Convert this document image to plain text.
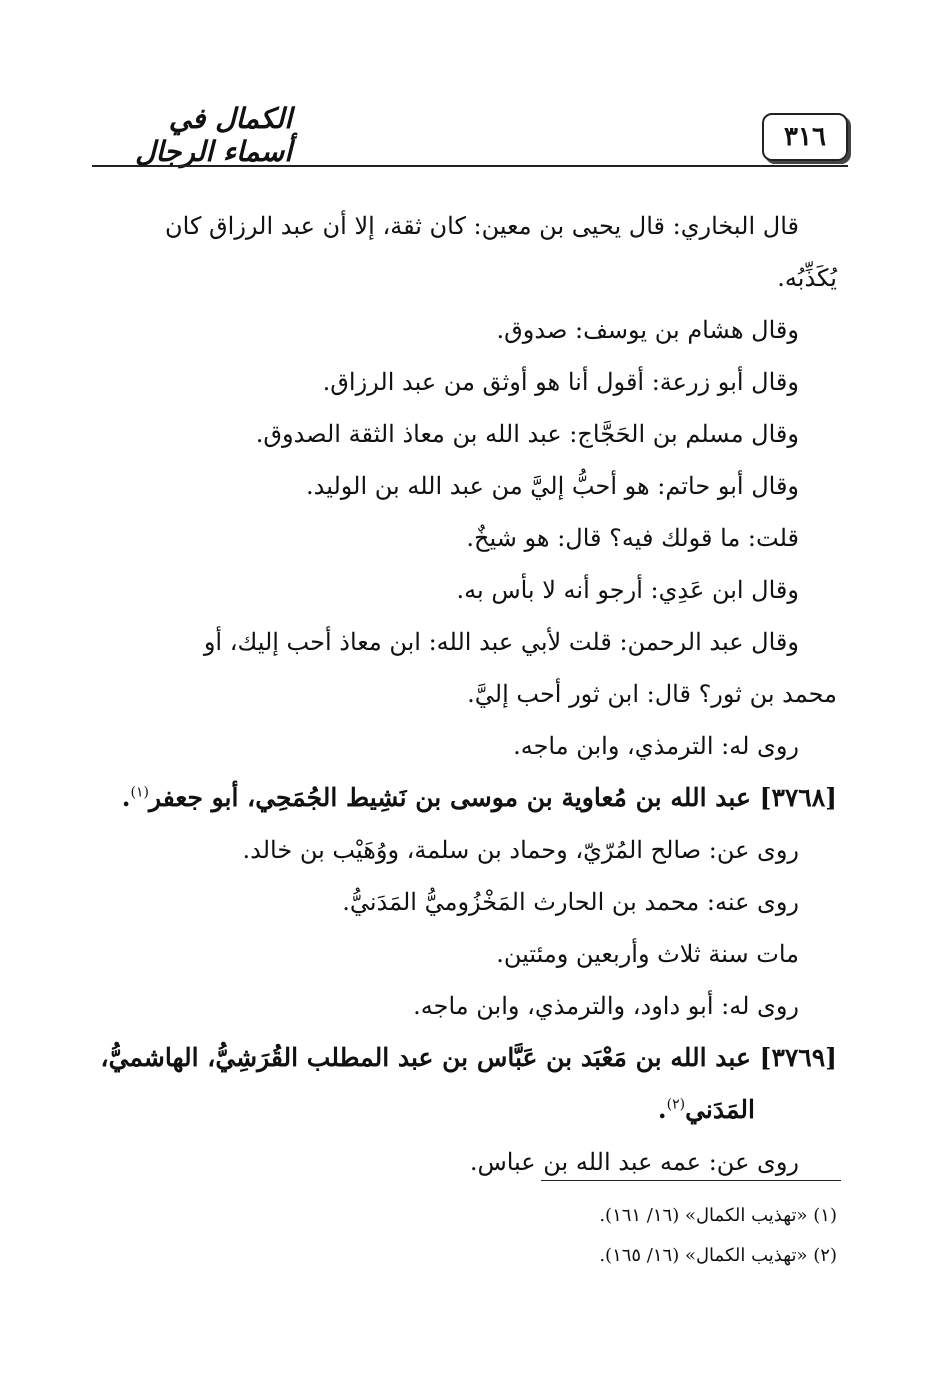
٣١٦
الكمال في أسماء الرجال

قال البخاري: قال يحيى بن معين: كان ثقة، إلا أن عبد الرزاق كان

يُكَذِّبُه.

وقال هشام بن يوسف: صدوق.

وقال أبو زرعة: أقول أنا هو أوثق من عبد الرزاق.

وقال مسلم بن الحَجَّاج: عبد الله بن معاذ الثقة الصدوق.

وقال أبو حاتم: هو أحبُّ إليَّ من عبد الله بن الوليد.

قلت: ما قولك فيه؟ قال: هو شيخٌ.

وقال ابن عَدِي: أرجو أنه لا بأس به.

وقال عبد الرحمن: قلت لأبي عبد الله: ابن معاذ أحب إليك، أو

محمد بن ثور؟ قال: ابن ثور أحب إليَّ.

روى له: الترمذي، وابن ماجه.

[٣٧٦٨] عبد الله بن مُعاوية بن موسى بن نَشِيط الجُمَحِي، أبو جعفر$^{(١)}$.

روى عن: صالح المُرّيّ، وحماد بن سلمة، ووُهَيْب بن خالد.

روى عنه: محمد بن الحارث المَخْزُوميُّ المَدَنيُّ.

مات سنة ثلاث وأربعين ومئتين.

روى له: أبو داود، والترمذي، وابن ماجه.

[٣٧٦٩] عبد الله بن مَعْبَد بن عَبَّاس بن عبد المطلب القُرَشِيُّ، الهاشميُّ،

المَدَني$^{(٢)}$.

روى عن: عمه عبد الله بن عباس.

(١) «تهذيب الكمال» (١٦/ ١٦١).
(٢) «تهذيب الكمال» (١٦/ ١٦٥).
